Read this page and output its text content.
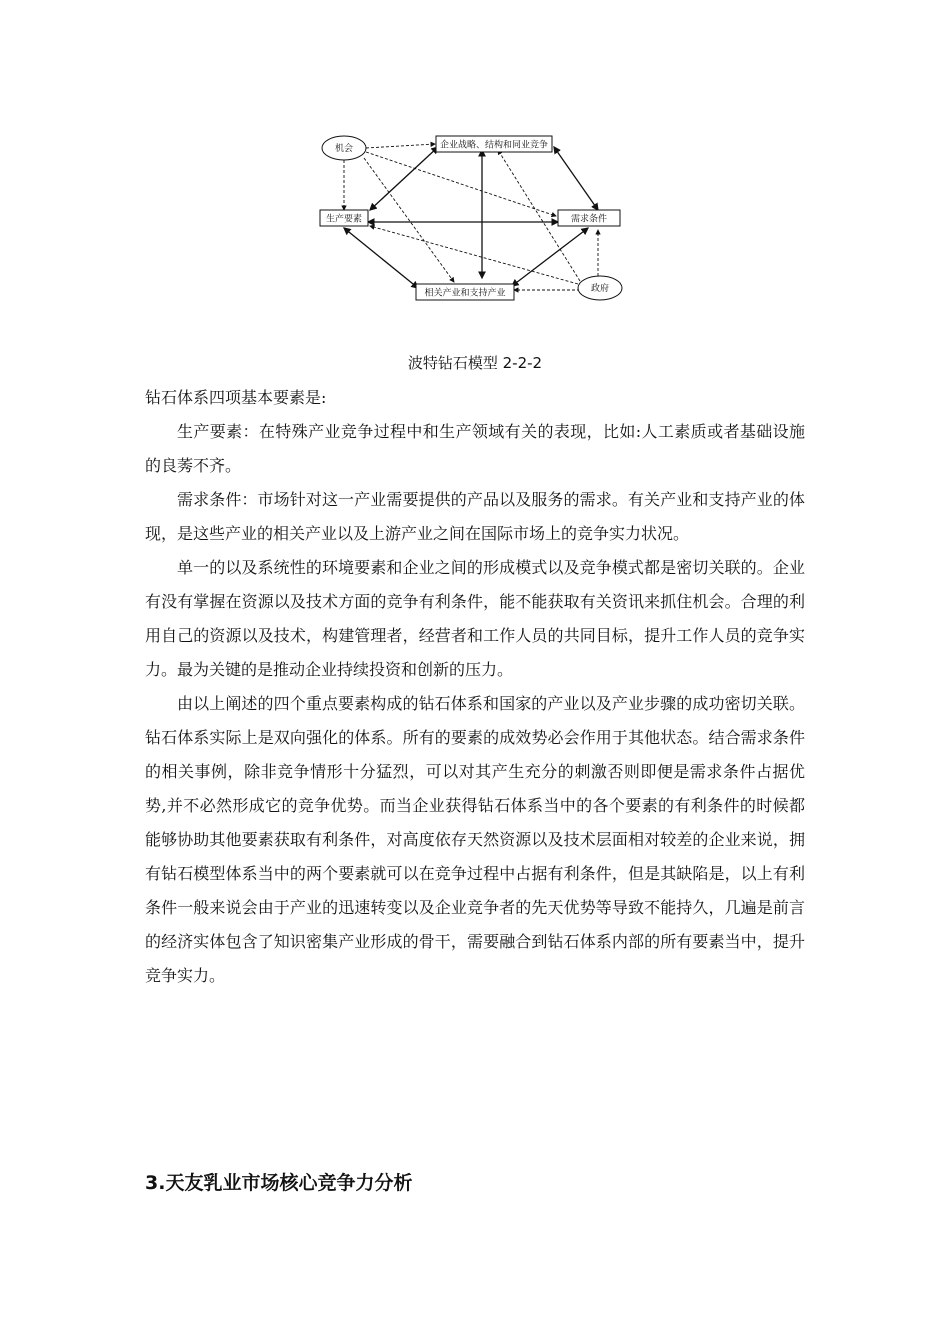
机会	企业战略、结构和同业竞争
生产要素	需求条件
相关产业和支持产业	政府
波特钻石模型 2-2-2

钻石体系四项基本要素是:

生产要素：在特殊产业竞争过程中和生产领域有关的表现，比如:人工素质或者基础设施的良莠不齐。

需求条件：市场针对这一产业需要提供的产品以及服务的需求。有关产业和支持产业的体现，是这些产业的相关产业以及上游产业之间在国际市场上的竞争实力状况。

单一的以及系统性的环境要素和企业之间的形成模式以及竞争模式都是密切关联的。企业有没有掌握在资源以及技术方面的竞争有利条件，能不能获取有关资讯来抓住机会。合理的利用自己的资源以及技术，构建管理者，经营者和工作人员的共同目标，提升工作人员的竞争实力。最为关键的是推动企业持续投资和创新的压力。

由以上阐述的四个重点要素构成的钻石体系和国家的产业以及产业步骤的成功密切关联。钻石体系实际上是双向强化的体系。所有的要素的成效势必会作用于其他状态。结合需求条件的相关事例，除非竞争情形十分猛烈，可以对其产生充分的刺激否则即便是需求条件占据优势,并不必然形成它的竞争优势。而当企业获得钻石体系当中的各个要素的有利条件的时候都能够协助其他要素获取有利条件，对高度依存天然资源以及技术层面相对较差的企业来说，拥有钻石模型体系当中的两个要素就可以在竞争过程中占据有利条件，但是其缺陷是，以上有利条件一般来说会由于产业的迅速转变以及企业竞争者的先天优势等导致不能持久，几遍是前言的经济实体包含了知识密集产业形成的骨干，需要融合到钻石体系内部的所有要素当中，提升竞争实力。

3.天友乳业市场核心竞争力分析
